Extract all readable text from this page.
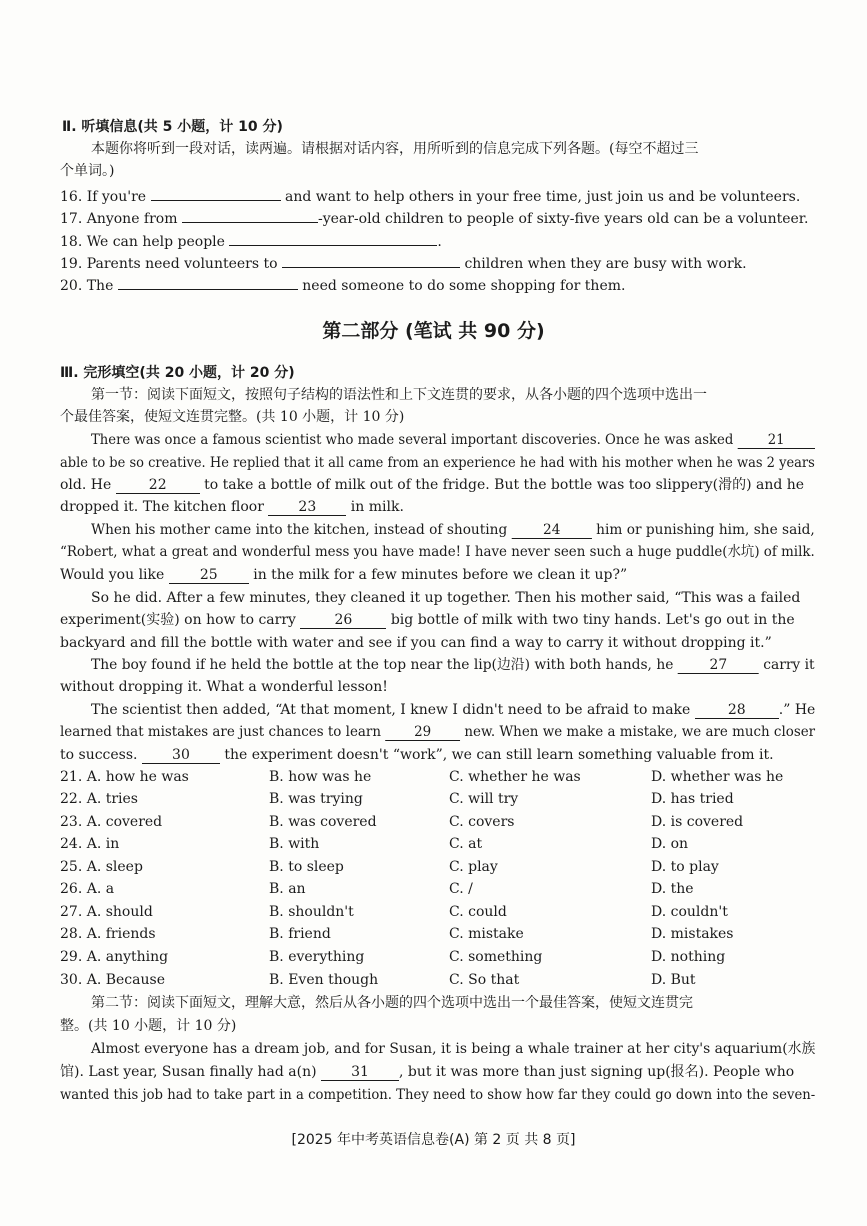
Ⅱ. 听填信息(共 5 小题，计 10 分)
本题你将听到一段对话，读两遍。请根据对话内容，用所听到的信息完成下列各题。(每空不超过三
个单词。)
16. If you're	and want to help others in your free time, just join us and be volunteers.
17. Anyone from	-year-old children to people of sixty-five years old can be a volunteer.
18. We can help people	.
19. Parents need volunteers to	children when they are busy with work.
20. The	need someone to do some shopping for them.
第二部分 (笔试 共 90 分)
Ⅲ. 完形填空(共 20 小题，计 20 分)
第一节：阅读下面短文，按照句子结构的语法性和上下文连贯的要求，从各小题的四个选项中选出一
个最佳答案，使短文连贯完整。(共 10 小题，计 10 分)
There was once a famous scientist who made several important discoveries. Once he was asked 21
able to be so creative. He replied that it all came from an experience he had with his mother when he was 2 years
old. He	22	to take a bottle of milk out of the fridge. But the bottle was too slippery(滑的) and he
dropped it. The kitchen floor 23 in milk.
When his mother came into the kitchen, instead of shouting	24	him or punishing him, she said,
“Robert, what a great and wonderful mess you have made! I have never seen such a huge puddle(水坑) of milk.
Would you like	25	in the milk for a few minutes before we clean it up?”
So he did. After a few minutes, they cleaned it up together. Then his mother said, “This was a failed
experiment(实验) on how to carry	26	big bottle of milk with two tiny hands. Let's go out in the
backyard and fill the bottle with water and see if you can find a way to carry it without dropping it.”
The boy found if he held the bottle at the top near the lip(边沿) with both hands, he	27	carry it
without dropping it. What a wonderful lesson!
The scientist then added, “At that moment, I knew I didn't need to be afraid to make	28 .” He
learned that mistakes are just chances to learn 29 new. When we make a mistake, we are much closer
to success. 30 the experiment doesn't “work”, we can still learn something valuable from it.
21. A. how he was	B. how was he	C. whether he was	D. whether was he
22. A. tries	B. was trying	C. will try	D. has tried
23. A. covered	B. was covered	C. covers	D. is covered
24. A. in	B. with	C. at	D. on
25. A. sleep	B. to sleep	C. play	D. to play
26. A. a	B. an	C. /	D. the
27. A. should	B. shouldn't	C. could	D. couldn't
28. A. friends	B. friend	C. mistake	D. mistakes
29. A. anything	B. everything	C. something	D. nothing
30. A. Because	B. Even though	C. So that	D. But
第二节：阅读下面短文，理解大意，然后从各小题的四个选项中选出一个最佳答案，使短文连贯完
整。(共 10 小题，计 10 分)
Almost everyone has a dream job, and for Susan, it is being a whale trainer at her city's aquarium(水族
馆). Last year, Susan finally had a(n) 31 , but it was more than just signing up(报名). People who
wanted this job had to take part in a competition. They need to show how far they could go down into the seven-
[2025 年中考英语信息卷(A) 第 2 页 共 8 页]
